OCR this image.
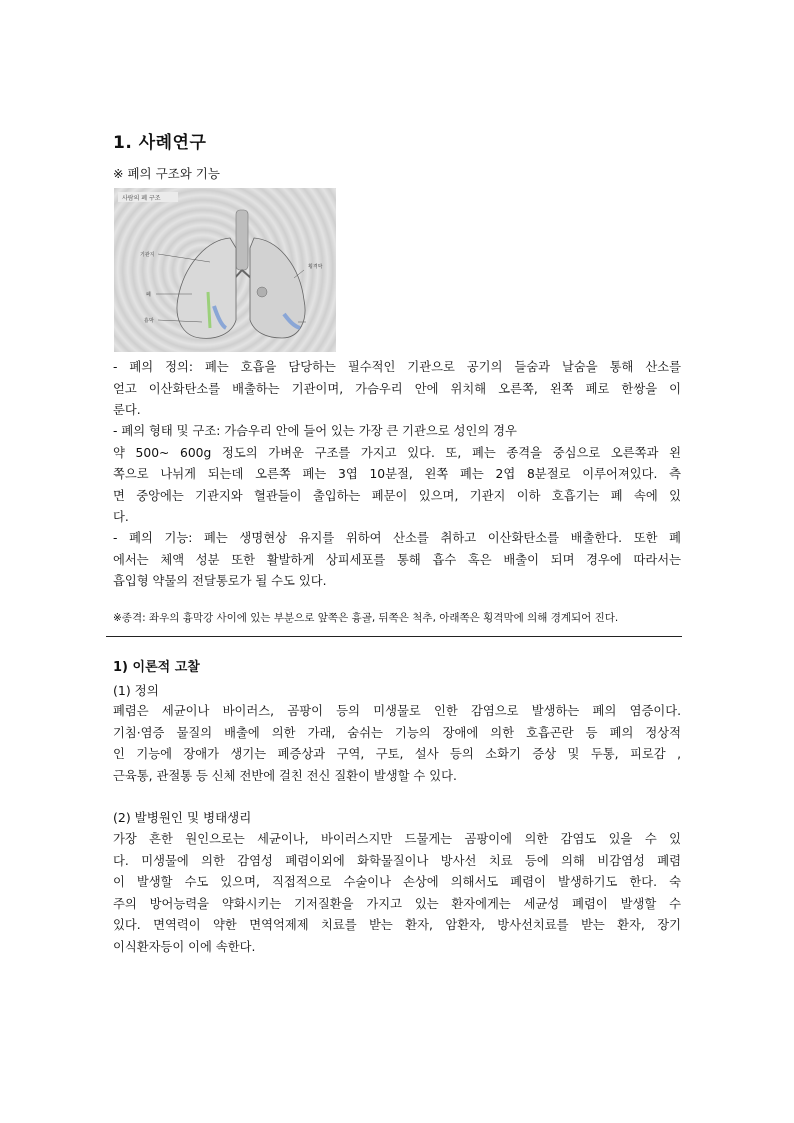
1. 사례연구
※ 폐의 구조와 기능
사람의 폐 구조
기관지
폐
흉막
횡격막
- 폐의 정의: 폐는 호흡을 담당하는 필수적인 기관으로 공기의 들숨과 날숨을 통해 산소를
얻고 이산화탄소를 배출하는 기관이며, 가슴우리 안에 위치해 오른쪽, 왼쪽 폐로 한쌍을 이
룬다.
- 폐의 형태 및 구조: 가슴우리 안에 들어 있는 가장 큰 기관으로 성인의 경우
약 500~ 600g 정도의 가벼운 구조를 가지고 있다. 또, 폐는 종격을 중심으로 오른쪽과 왼
쪽으로 나뉘게 되는데 오른쪽 폐는 3엽 10분절, 왼쪽 폐는 2엽 8분절로 이루어져있다. 측
면 중앙에는 기관지와 혈관들이 출입하는 폐문이 있으며, 기관지 이하 호흡기는 폐 속에 있
다.
- 폐의 기능: 폐는 생명현상 유지를 위하여 산소를 취하고 이산화탄소를 배출한다. 또한 폐
에서는 체액 성분 또한 활발하게 상피세포를 통해 흡수 혹은 배출이 되며 경우에 따라서는
흡입형 약물의 전달통로가 될 수도 있다.
※종격: 좌우의 흉막강 사이에 있는 부분으로 앞쪽은 흉골, 뒤쪽은 척추, 아래쪽은 횡격막에 의해 경계되어 진다.
1) 이론적 고찰
(1) 정의
폐렴은 세균이나 바이러스, 곰팡이 등의 미생물로 인한 감염으로 발생하는 폐의 염증이다.
기침·염증 물질의 배출에 의한 가래, 숨쉬는 기능의 장애에 의한 호흡곤란 등 폐의 정상적
인 기능에 장애가 생기는 폐증상과 구역, 구토, 설사 등의 소화기 증상 및 두통, 피로감 ,
근육통, 관절통 등 신체 전반에 걸친 전신 질환이 발생할 수 있다.
(2) 발병원인 및 병태생리
가장 흔한 원인으로는 세균이나, 바이러스지만 드물게는 곰팡이에 의한 감염도 있을 수 있
다. 미생물에 의한 감염성 폐렴이외에 화학물질이나 방사선 치료 등에 의해 비감염성 폐렴
이 발생할 수도 있으며, 직접적으로 수술이나 손상에 의해서도 폐렴이 발생하기도 한다. 숙
주의 방어능력을 약화시키는 기저질환을 가지고 있는 환자에게는 세균성 폐렴이 발생할 수
있다. 면역력이 약한 면역억제제 치료를 받는 환자, 암환자, 방사선치료를 받는 환자, 장기
이식환자등이 이에 속한다.
